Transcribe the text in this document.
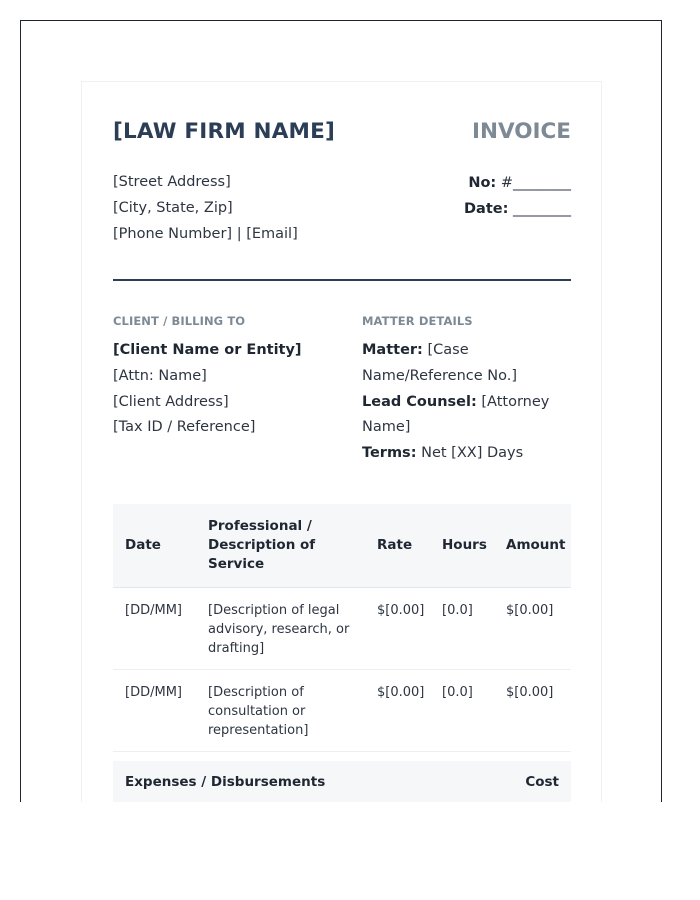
[LAW FIRM NAME]	INVOICE
[Street Address]
[City, State, Zip]
[Phone Number] | [Email]
No: #________
Date: ________
CLIENT / BILLING TO
[Client Name or Entity]
[Attn: Name]
[Client Address]
[Tax ID / Reference]
MATTER DETAILS
Matter: [Case Name/Reference No.]
Lead Counsel: [Attorney Name]
Terms: Net [XX] Days
Date	Professional / Description of Service	Rate	Hours	Amount
[DD/MM]	[Description of legal advisory, research, or drafting]	$[0.00]	[0.0]	$[0.00]
[DD/MM]	[Description of consultation or representation]	$[0.00]	[0.0]	$[0.00]
Expenses / Disbursements	Cost
